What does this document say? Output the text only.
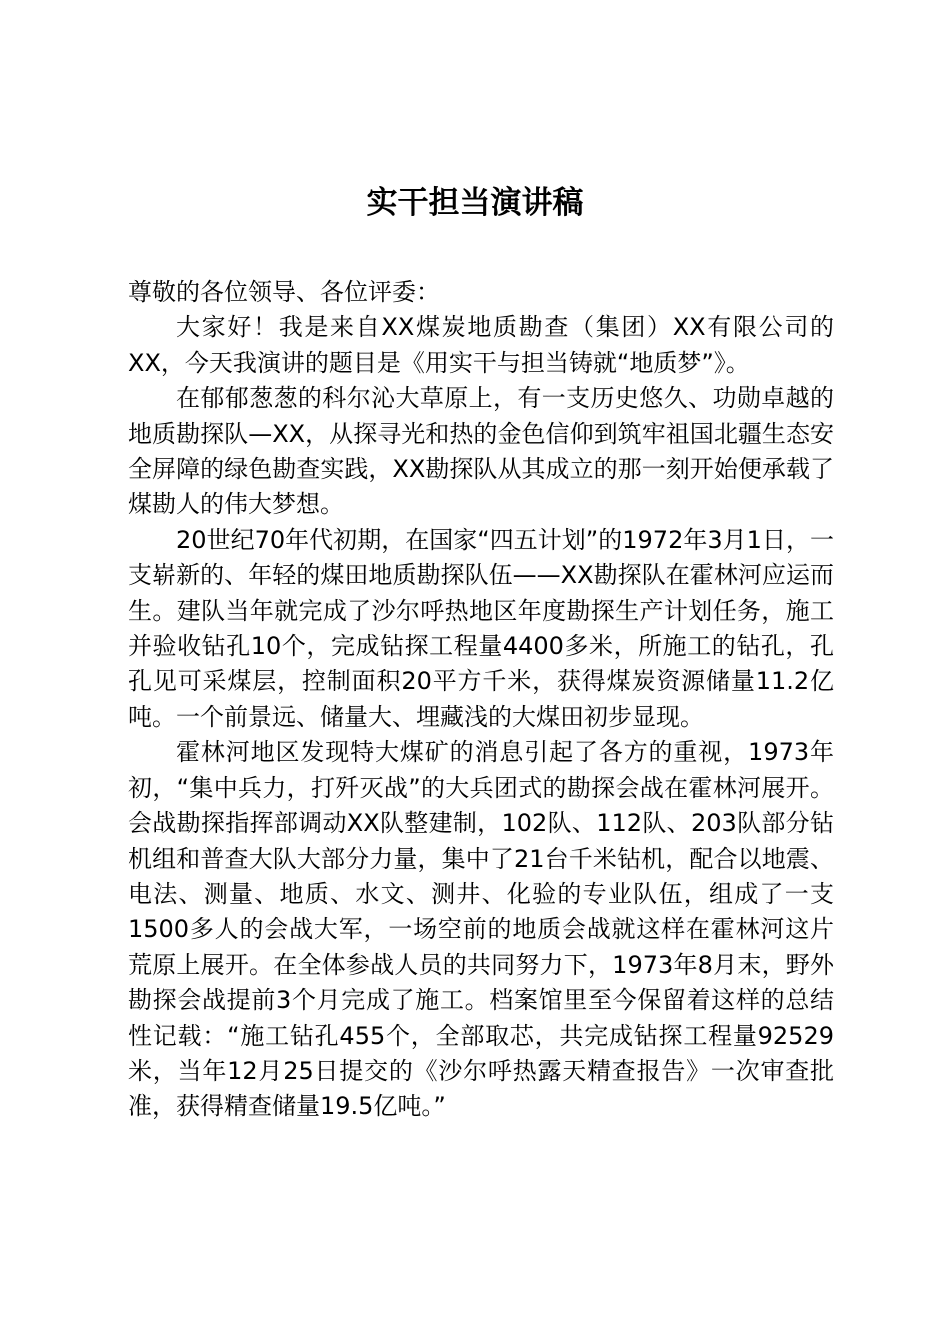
实干担当演讲稿

尊敬的各位领导、各位评委：

大家好！我是来自XX煤炭地质勘查（集团）XX有限公司的XX，今天我演讲的题目是《用实干与担当铸就“地质梦”》。

在郁郁葱葱的科尔沁大草原上，有一支历史悠久、功勋卓越的地质勘探队—XX，从探寻光和热的金色信仰到筑牢祖国北疆生态安全屏障的绿色勘查实践，XX勘探队从其成立的那一刻开始便承载了煤勘人的伟大梦想。

20世纪70年代初期，在国家“四五计划”的1972年3月1日，一支崭新的、年轻的煤田地质勘探队伍——XX勘探队在霍林河应运而生。建队当年就完成了沙尔呼热地区年度勘探生产计划任务，施工并验收钻孔10个，完成钻探工程量4400多米，所施工的钻孔，孔孔见可采煤层，控制面积20平方千米，获得煤炭资源储量11.2亿吨。一个前景远、储量大、埋藏浅的大煤田初步显现。

霍林河地区发现特大煤矿的消息引起了各方的重视，1973年初，“集中兵力，打歼灭战”的大兵团式的勘探会战在霍林河展开。会战勘探指挥部调动XX队整建制，102队、112队、203队部分钻机组和普查大队大部分力量，集中了21台千米钻机，配合以地震、电法、测量、地质、水文、测井、化验的专业队伍，组成了一支1500多人的会战大军，一场空前的地质会战就这样在霍林河这片荒原上展开。在全体参战人员的共同努力下，1973年8月末，野外勘探会战提前3个月完成了施工。档案馆里至今保留着这样的总结性记载：“施工钻孔455个，全部取芯，共完成钻探工程量92529米，当年12月25日提交的《沙尔呼热露天精查报告》一次审查批准，获得精查储量19.5亿吨。”
